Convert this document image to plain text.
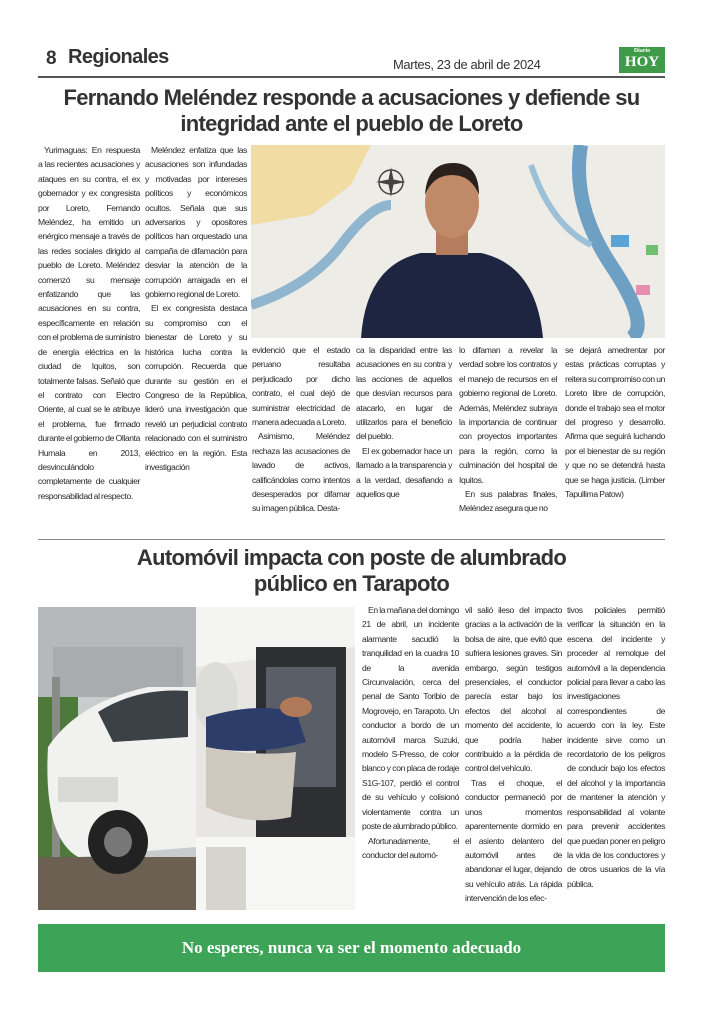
8 Regionales	Martes, 23 de abril de 2024
Diario
HOY
Fernando Meléndez responde a acusaciones y defiende su
integridad ante el pueblo de Loreto

Yurimaguas: En respuesta a las recientes acusaciones y ataques en su contra, el ex gobernador y ex congresista por Loreto, Fernando Meléndez, ha emitido un enérgico mensaje a través de las redes sociales dirigido al pueblo de Loreto. Meléndez comenzó su mensaje enfatizando que las acusaciones en su contra, específicamente en relación con el problema de suministro de energía eléctrica en la ciudad de Iquitos, son totalmente falsas. Señaló que el contrato con Electro Oriente, al cual se le atribuye el problema, fue firmado durante el gobierno de Ollanta Humala en 2013, desvinculándolo completamente de cualquier responsabilidad al respecto.

Meléndez enfatiza que las acusaciones son infundadas y motivadas por intereses políticos y económicos ocultos. Señala que sus adversarios y opositores políticos han orquestado una campaña de difamación para desviar la atención de la corrupción arraigada en el gobierno regional de Loreto.

El ex congresista destaca su compromiso con el bienestar de Loreto y su histórica lucha contra la corrupción. Recuerda que durante su gestión en el Congreso de la República, lideró una investigación que reveló un perjudicial contrato relacionado con el suministro eléctrico en la región. Esta investigación

evidenció que el estado peruano resultaba perjudicado por dicho contrato, el cual dejó de suministrar electricidad de manera adecuada a Loreto.

Asimismo, Meléndez rechaza las acusaciones de lavado de activos, calificándolas como intentos desesperados por difamar su imagen pública. Desta-

ca la disparidad entre las acusaciones en su contra y las acciones de aquellos que desvían recursos para atacarlo, en lugar de utilizarlos para el beneficio del pueblo.

El ex gobernador hace un llamado a la transparencia y a la verdad, desafiando a aquellos que

lo difaman a revelar la verdad sobre los contratos y el manejo de recursos en el gobierno regional de Loreto. Además, Meléndez subraya la importancia de continuar con proyectos importantes para la región, como la culminación del hospital de Iquitos.

En sus palabras finales, Meléndez asegura que no

se dejará amedrentar por estas prácticas corruptas y reitera su compromiso con un Loreto libre de corrupción, donde el trabajo sea el motor del progreso y desarrollo. Afirma que seguirá luchando por el bienestar de su región y que no se detendrá hasta que se haga justicia. (Limber Tapullima Patow)

Automóvil impacta con poste de alumbrado
público en Tarapoto

En la mañana del domingo 21 de abril, un incidente alarmante sacudió la tranquilidad en la cuadra 10 de la avenida Circunvalación, cerca del penal de Santo Toribio de Mogrovejo, en Tarapoto. Un conductor a bordo de un automóvil marca Suzuki, modelo S-Presso, de color blanco y con placa de rodaje S1G-107, perdió el control de su vehículo y colisionó violentamente contra un poste de alumbrado público.

Afortunadamente, el conductor del automó-

vil salió ileso del impacto gracias a la activación de la bolsa de aire, que evitó que sufriera lesiones graves. Sin embargo, según testigos presenciales, el conductor parecía estar bajo los efectos del alcohol al momento del accidente, lo que podría haber contribuido a la pérdida de control del vehículo.

Tras el choque, el conductor permaneció por unos momentos aparentemente dormido en el asiento delantero del automóvil antes de abandonar el lugar, dejando su vehículo atrás. La rápida intervención de los efec-

tivos policiales permitió verificar la situación en la escena del incidente y proceder al remolque del automóvil a la dependencia policial para llevar a cabo las investigaciones correspondientes de acuerdo con la ley. Este incidente sirve como un recordatorio de los peligros de conducir bajo los efectos del alcohol y la importancia de mantener la atención y responsabilidad al volante para prevenir accidentes que puedan poner en peligro la vida de los conductores y de otros usuarios de la vía pública.

No esperes, nunca va ser el momento adecuado
